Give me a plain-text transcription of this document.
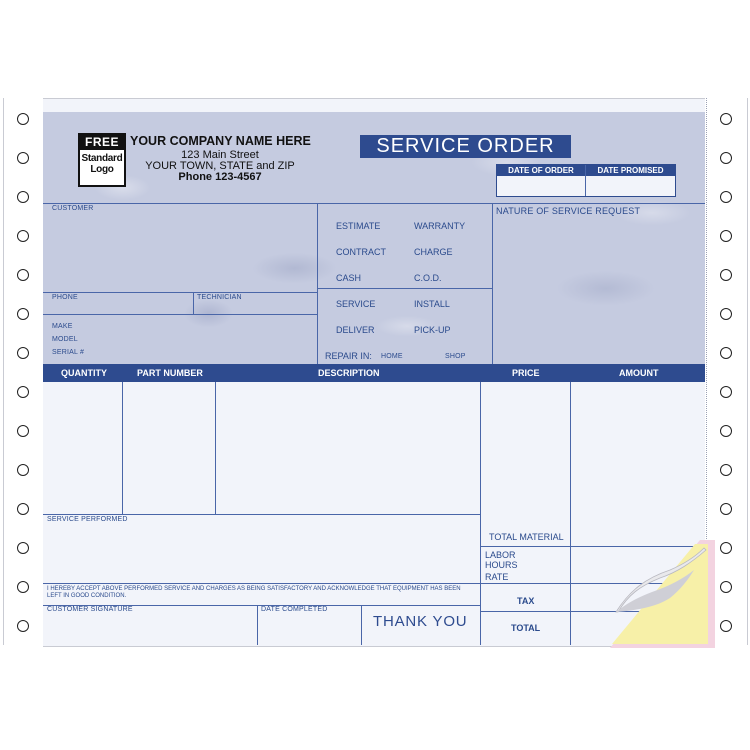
FREE
Standard
Logo
YOUR COMPANY NAME HERE
123 Main Street
YOUR TOWN, STATE and ZIP
Phone 123-4567
SERVICE ORDER
DATE OF ORDER	DATE PROMISED
CUSTOMER
PHONE	TECHNICIAN
MAKE
MODEL
SERIAL #
NATURE OF SERVICE REQUEST
ESTIMATE	WARRANTY
CONTRACT	CHARGE
CASH	C.O.D.
SERVICE	INSTALL
DELIVER	PICK-UP
REPAIR IN: HOME	SHOP
QUANTITY	PART NUMBER	DESCRIPTION	PRICE	AMOUNT
SERVICE PERFORMED
I HEREBY ACCEPT ABOVE PERFORMED SERVICE AND CHARGES AS BEING SATISFACTORY AND ACKNOWLEDGE THAT EQUIPMENT HAS BEEN LEFT IN GOOD CONDITION.
CUSTOMER SIGNATURE	DATE COMPLETED
THANK YOU
TOTAL MATERIAL
LABOR
HOURS
RATE
TAX
TOTAL
